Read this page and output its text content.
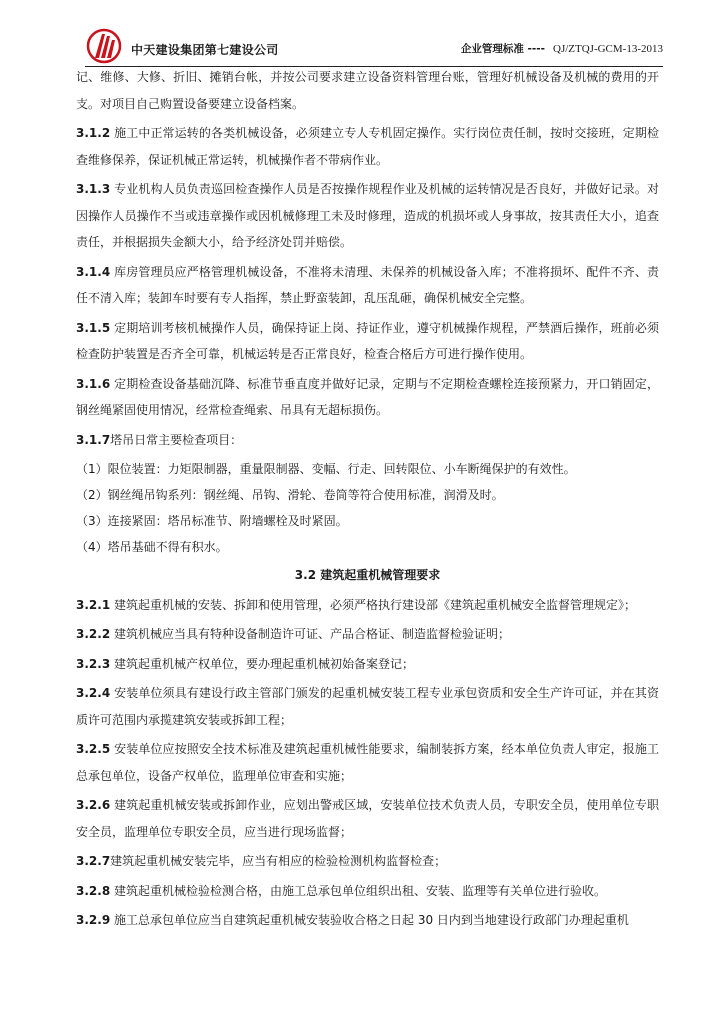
中天建设集团第七建设公司	企业管理标准 ---- QJ/ZTQJ-GCM-13-2013

记、维修、大修、折旧、摊销台帐，并按公司要求建立设备资料管理台账，管理好机械设备及机械的费用的开支。对项目自己购置设备要建立设备档案。

3.1.2 施工中正常运转的各类机械设备，必须建立专人专机固定操作。实行岗位责任制，按时交接班，定期检查维修保养，保证机械正常运转，机械操作者不带病作业。

3.1.3 专业机构人员负责巡回检查操作人员是否按操作规程作业及机械的运转情况是否良好，并做好记录。对因操作人员操作不当或违章操作或因机械修理工未及时修理，造成的机损坏或人身事故，按其责任大小，追查责任，并根据损失金额大小，给予经济处罚并赔偿。

3.1.4 库房管理员应严格管理机械设备，不准将未清理、未保养的机械设备入库；不准将损坏、配件不齐、责任不清入库；装卸车时要有专人指挥，禁止野蛮装卸，乱压乱砸，确保机械安全完整。

3.1.5 定期培训考核机械操作人员，确保持证上岗、持证作业，遵守机械操作规程，严禁酒后操作，班前必须检查防护装置是否齐全可靠，机械运转是否正常良好，检查合格后方可进行操作使用。

3.1.6 定期检查设备基础沉降、标准节垂直度并做好记录，定期与不定期检查螺栓连接预紧力，开口销固定，钢丝绳紧固使用情况，经常检查绳索、吊具有无超标损伤。

3.1.7塔吊日常主要检查项目：

（1）限位装置：力矩限制器，重量限制器、变幅、行走、回转限位、小车断绳保护的有效性。

（2）钢丝绳吊钩系列：钢丝绳、吊钩、滑轮、卷筒等符合使用标准，润滑及时。

（3）连接紧固：塔吊标准节、附墙螺栓及时紧固。

（4）塔吊基础不得有积水。

3.2 建筑起重机械管理要求

3.2.1 建筑起重机械的安装、拆卸和使用管理，必须严格执行建设部《建筑起重机械安全监督管理规定》；

3.2.2 建筑机械应当具有特种设备制造许可证、产品合格证、制造监督检验证明；

3.2.3 建筑起重机械产权单位，要办理起重机械初始备案登记；

3.2.4 安装单位须具有建设行政主管部门颁发的起重机械安装工程专业承包资质和安全生产许可证，并在其资质许可范围内承揽建筑安装或拆卸工程；

3.2.5 安装单位应按照安全技术标准及建筑起重机械性能要求，编制装拆方案，经本单位负责人审定，报施工总承包单位，设备产权单位，监理单位审查和实施；

3.2.6 建筑起重机械安装或拆卸作业，应划出警戒区域，安装单位技术负责人员，专职安全员，使用单位专职安全员，监理单位专职安全员，应当进行现场监督；

3.2.7建筑起重机械安装完毕，应当有相应的检验检测机构监督检查；

3.2.8 建筑起重机械检验检测合格，由施工总承包单位组织出租、安装、监理等有关单位进行验收。

3.2.9 施工总承包单位应当自建筑起重机械安装验收合格之日起 30 日内到当地建设行政部门办理起重机
